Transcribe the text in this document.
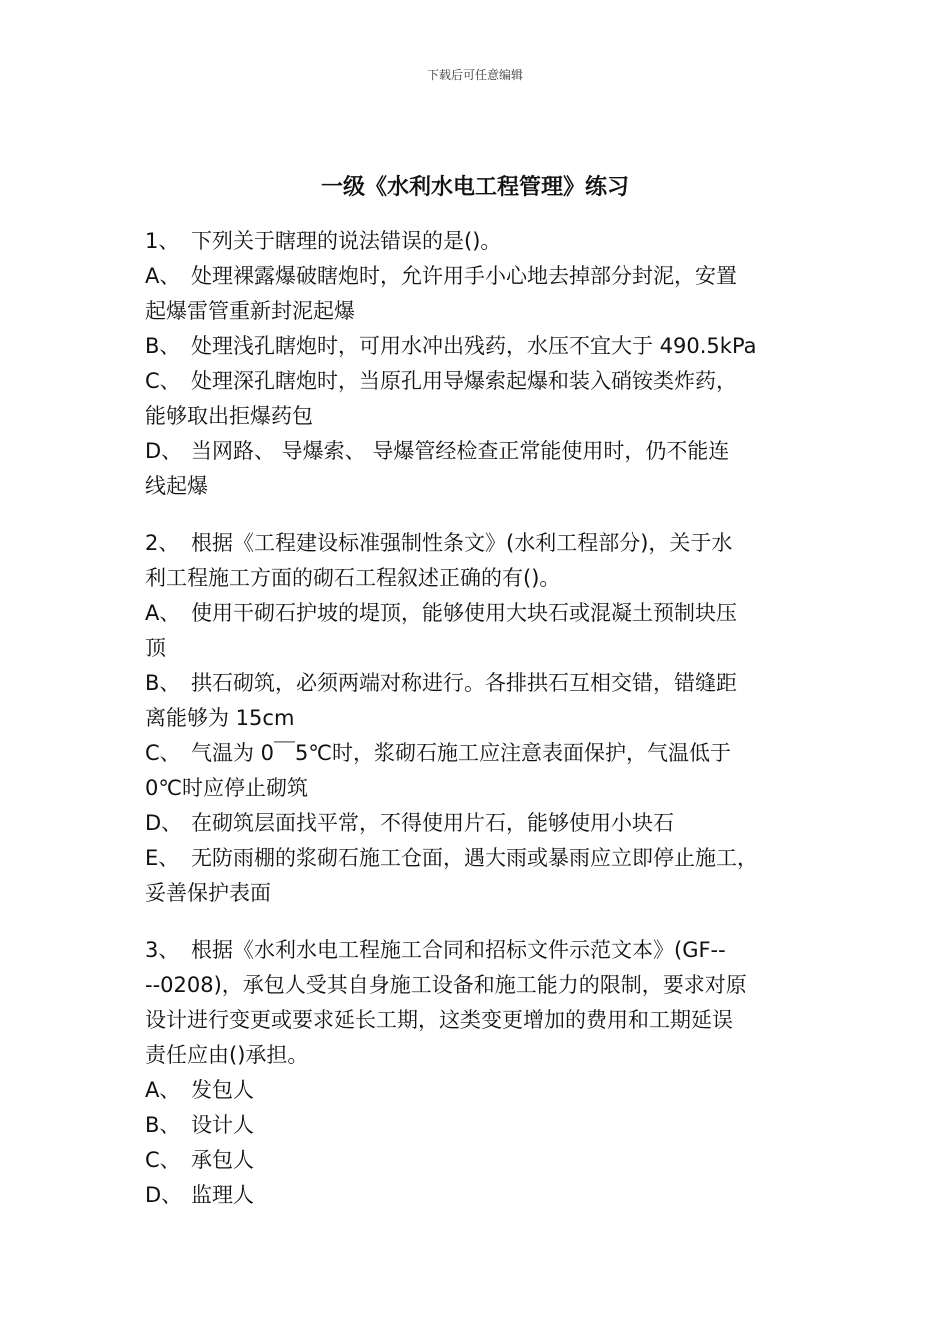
下载后可任意编辑
一级《水利水电工程管理》练习
1、 下列关于瞎理的说法错误的是()。
A、 处理裸露爆破瞎炮时，允许用手小心地去掉部分封泥，安置
起爆雷管重新封泥起爆
B、 处理浅孔瞎炮时，可用水冲出残药，水压不宜大于 490.5kPa
C、 处理深孔瞎炮时，当原孔用导爆索起爆和装入硝铵类炸药，
能够取出拒爆药包
D、 当网路、 导爆索、 导爆管经检查正常能使用时，仍不能连
线起爆
2、 根据《工程建设标准强制性条文》(水利工程部分)，关于水
利工程施工方面的砌石工程叙述正确的有()。
A、 使用干砌石护坡的堤顶，能够使用大块石或混凝土预制块压
顶
B、 拱石砌筑，必须两端对称进行。各排拱石互相交错，错缝距
离能够为 15cm
C、 气温为 0￣5℃时，浆砌石施工应注意表面保护，气温低于
0℃时应停止砌筑
D、 在砌筑层面找平常，不得使用片石，能够使用小块石
E、 无防雨棚的浆砌石施工仓面，遇大雨或暴雨应立即停止施工，
妥善保护表面
3、 根据《水利水电工程施工合同和招标文件示范文本》(GF--
--0208)，承包人受其自身施工设备和施工能力的限制，要求对原
设计进行变更或要求延长工期，这类变更增加的费用和工期延误
责任应由()承担。
A、 发包人
B、 设计人
C、 承包人
D、 监理人
